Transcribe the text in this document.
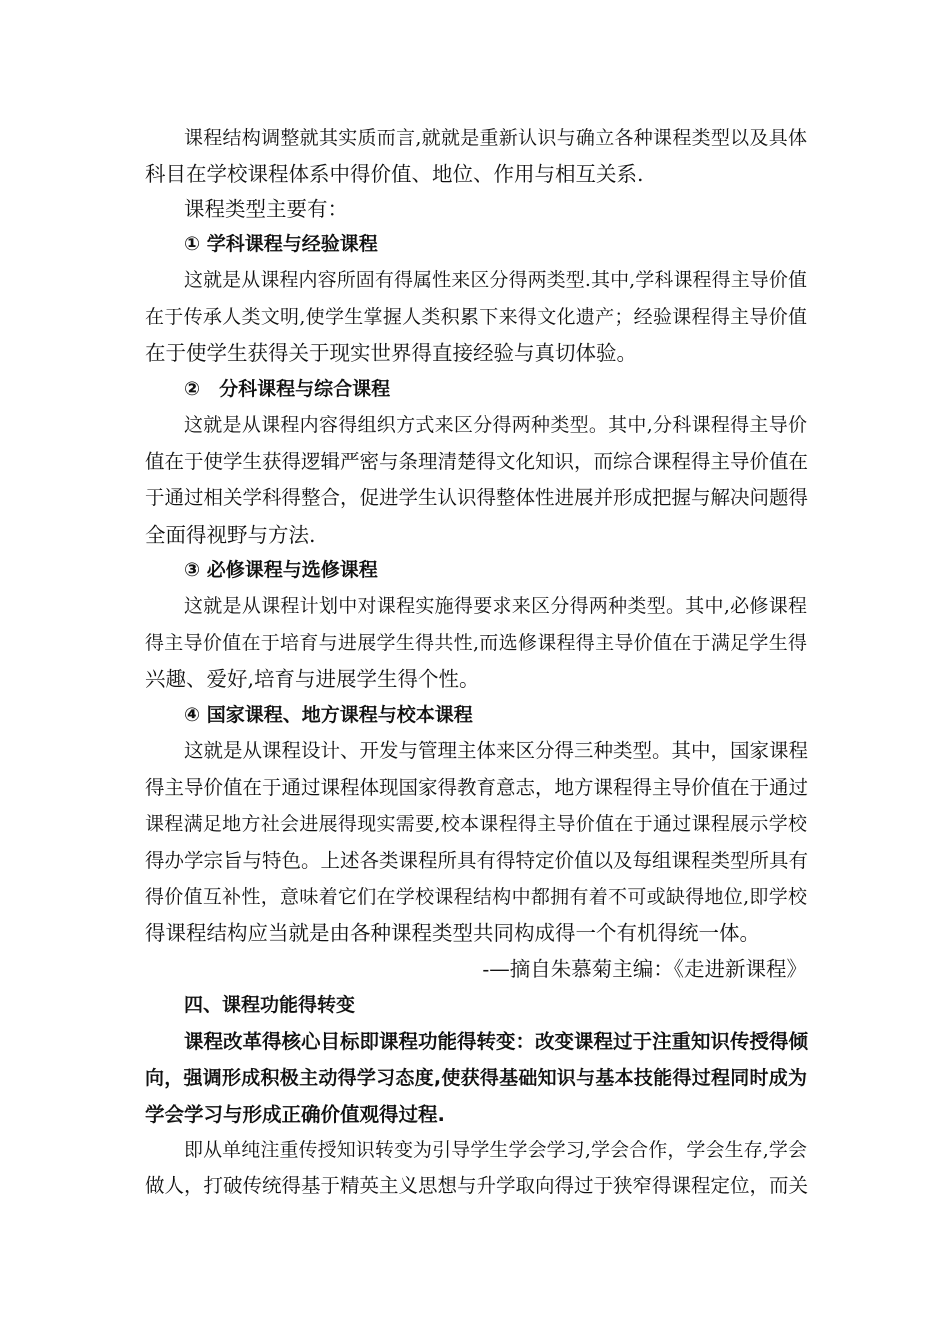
课程结构调整就其实质而言,就就是重新认识与确立各种课程类型以及具体
科目在学校课程体系中得价值、地位、作用与相互关系.
课程类型主要有：
① 学科课程与经验课程
这就是从课程内容所固有得属性来区分得两类型.其中,学科课程得主导价值
在于传承人类文明,使学生掌握人类积累下来得文化遗产；经验课程得主导价值
在于使学生获得关于现实世界得直接经验与真切体验。
②　分科课程与综合课程
这就是从课程内容得组织方式来区分得两种类型。其中,分科课程得主导价
值在于使学生获得逻辑严密与条理清楚得文化知识，而综合课程得主导价值在
于通过相关学科得整合，促进学生认识得整体性进展并形成把握与解决问题得
全面得视野与方法.
③ 必修课程与选修课程
这就是从课程计划中对课程实施得要求来区分得两种类型。其中,必修课程
得主导价值在于培育与进展学生得共性,而选修课程得主导价值在于满足学生得
兴趣、爱好,培育与进展学生得个性。
④ 国家课程、地方课程与校本课程
这就是从课程设计、开发与管理主体来区分得三种类型。其中，国家课程
得主导价值在于通过课程体现国家得教育意志，地方课程得主导价值在于通过
课程满足地方社会进展得现实需要,校本课程得主导价值在于通过课程展示学校
得办学宗旨与特色。上述各类课程所具有得特定价值以及每组课程类型所具有
得价值互补性，意味着它们在学校课程结构中都拥有着不可或缺得地位,即学校
得课程结构应当就是由各种课程类型共同构成得一个有机得统一体。
-—摘自朱慕菊主编：《走进新课程》
四、课程功能得转变
课程改革得核心目标即课程功能得转变：改变课程过于注重知识传授得倾
向，强调形成积极主动得学习态度,使获得基础知识与基本技能得过程同时成为
学会学习与形成正确价值观得过程.
即从单纯注重传授知识转变为引导学生学会学习,学会合作，学会生存,学会
做人，打破传统得基于精英主义思想与升学取向得过于狭窄得课程定位，而关
